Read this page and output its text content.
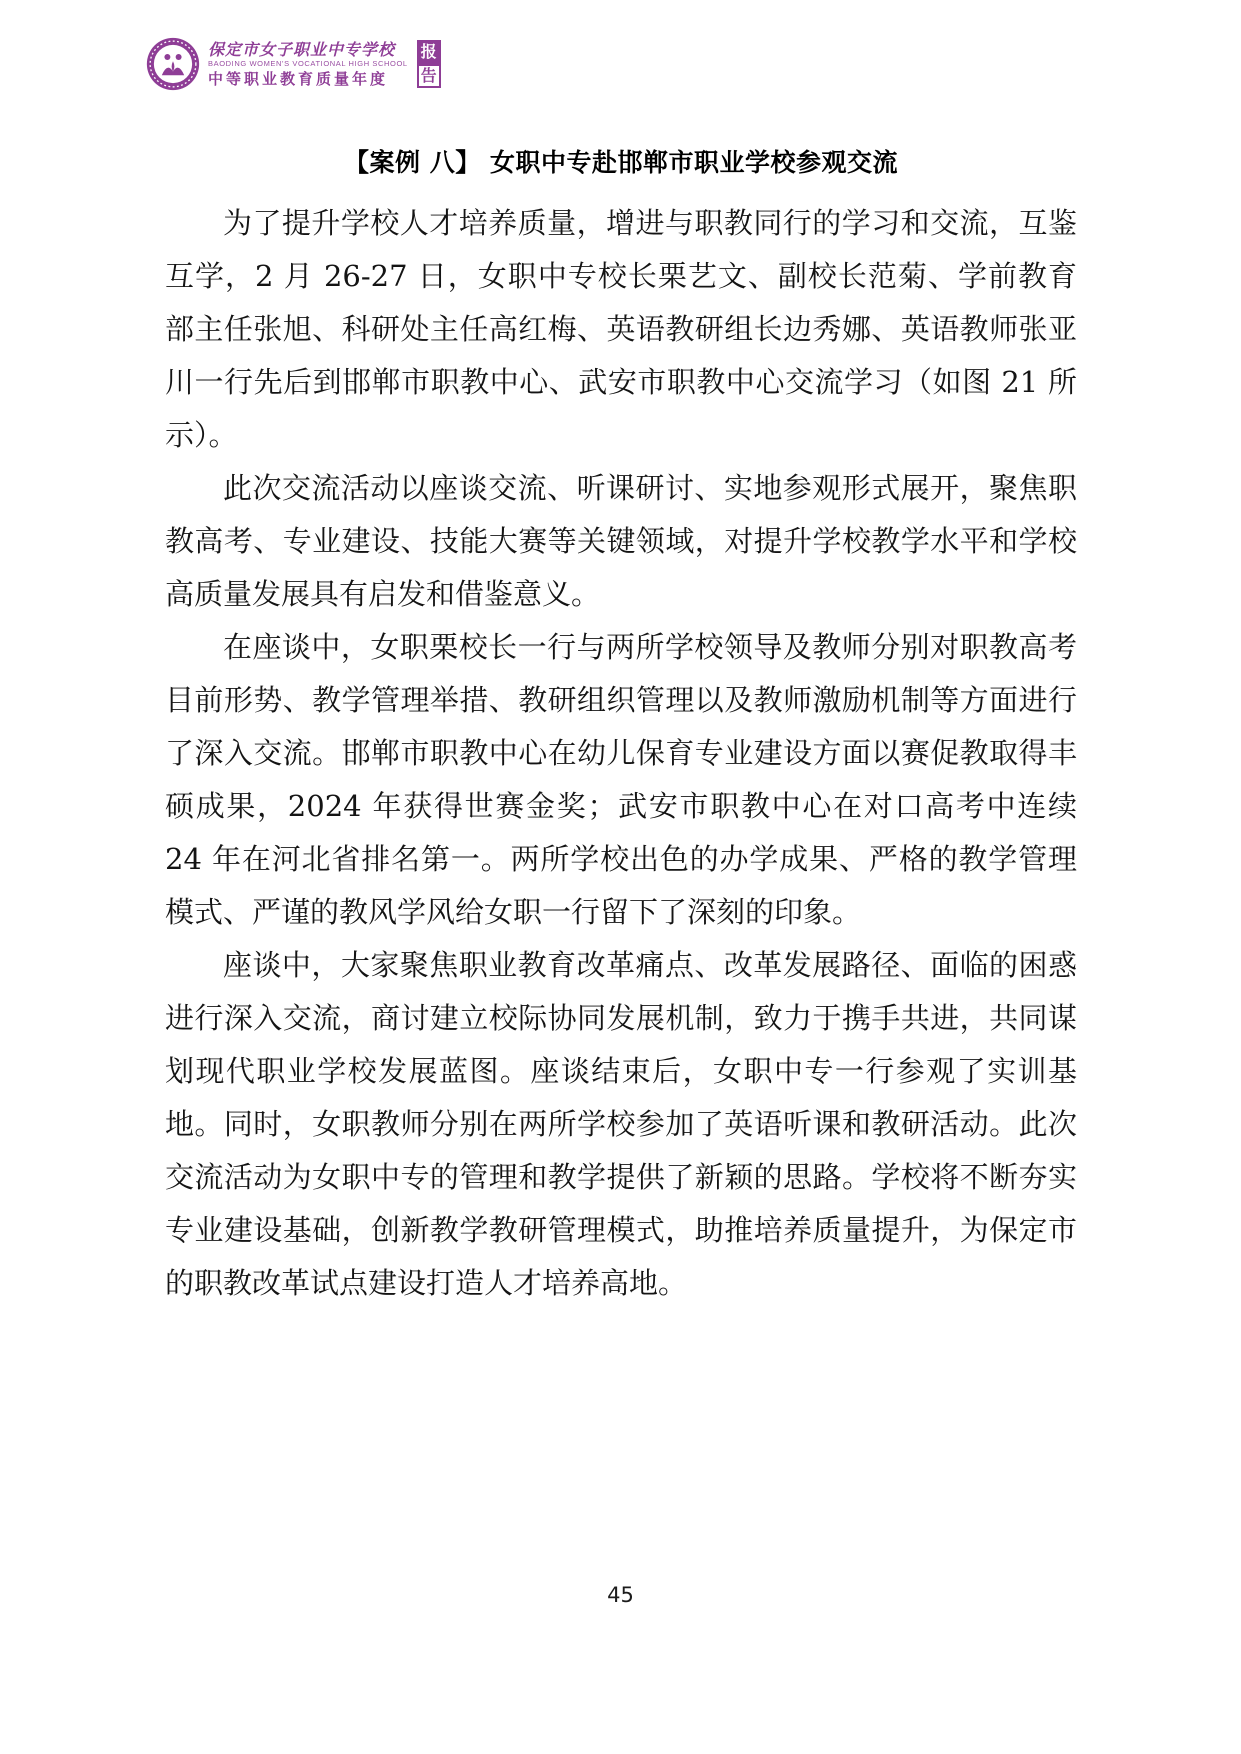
保定市女子职业中专学校
BAODING WOMEN'S VOCATIONAL HIGH SCHOOL
中等职业教育质量年度
报
告
【案例 八】 女职中专赴邯郸市职业学校参观交流

为了提升学校人才培养质量，增进与职教同行的学习和交流，互鉴互学，2 月 26-27 日，女职中专校长栗艺文、副校长范菊、学前教育部主任张旭、科研处主任高红梅、英语教研组长边秀娜、英语教师张亚川一行先后到邯郸市职教中心、武安市职教中心交流学习（如图 21 所示）。

此次交流活动以座谈交流、听课研讨、实地参观形式展开，聚焦职教高考、专业建设、技能大赛等关键领域，对提升学校教学水平和学校高质量发展具有启发和借鉴意义。

在座谈中，女职栗校长一行与两所学校领导及教师分别对职教高考目前形势、教学管理举措、教研组织管理以及教师激励机制等方面进行了深入交流。邯郸市职教中心在幼儿保育专业建设方面以赛促教取得丰硕成果，2024 年获得世赛金奖；武安市职教中心在对口高考中连续 24 年在河北省排名第一。两所学校出色的办学成果、严格的教学管理模式、严谨的教风学风给女职一行留下了深刻的印象。

座谈中，大家聚焦职业教育改革痛点、改革发展路径、面临的困惑进行深入交流，商讨建立校际协同发展机制，致力于携手共进，共同谋划现代职业学校发展蓝图。座谈结束后，女职中专一行参观了实训基地。同时，女职教师分别在两所学校参加了英语听课和教研活动。此次交流活动为女职中专的管理和教学提供了新颖的思路。学校将不断夯实专业建设基础，创新教学教研管理模式，助推培养质量提升，为保定市的职教改革试点建设打造人才培养高地。

45
